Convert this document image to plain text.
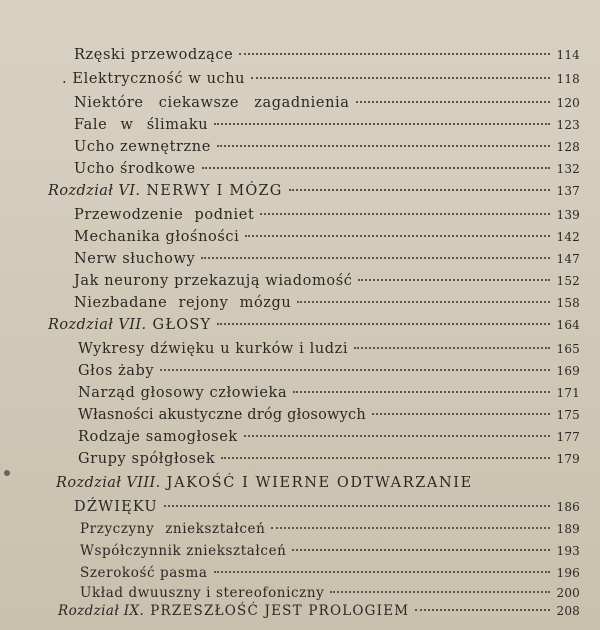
Rzęski przewodzące	114
. Elektryczność w uchu	118
Niektóre ciekawsze zagadnienia	120
Fale w ślimaku	123
Ucho zewnętrzne	128
Ucho środkowe	132
Rozdział VI. NERWY I MÓZG	137
Przewodzenie podniet	139
Mechanika głośności	142
Nerw słuchowy	147
Jak neurony przekazują wiadomość	152
Niezbadane rejony mózgu	158
Rozdział VII. GŁOSY	164
Wykresy dźwięku u kurków i ludzi	165
Głos żaby	169
Narząd głosowy człowieka	171
Własności akustyczne dróg głosowych	175
Rodzaje samogłosek	177
Grupy spółgłosek	179
Rozdział VIII. JAKOŚĆ I WIERNE ODTWARZANIE
DŹWIĘKU	186
Przyczyny zniekształceń	189
Współczynnik zniekształceń	193
Szerokość pasma	196
Układ dwuuszny i stereofoniczny	200
Rozdział IX. PRZESZŁOŚĆ JEST PROLOGIEM	208
